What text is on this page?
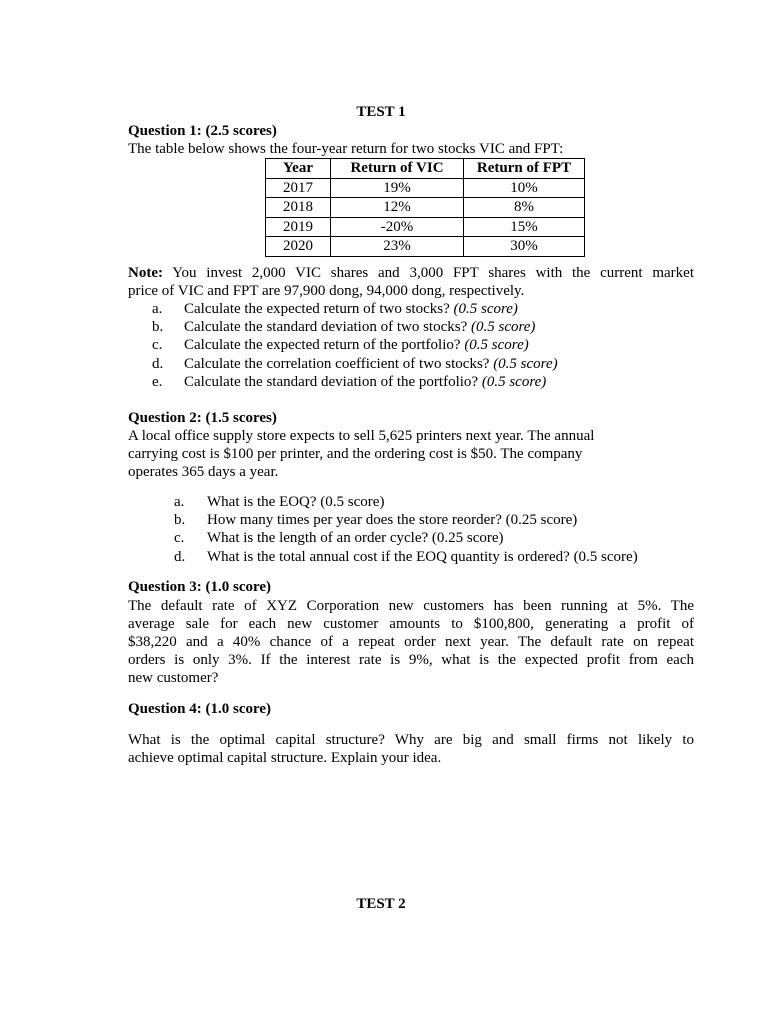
TEST 1
Question 1: (2.5 scores)
The table below shows the four-year return for two stocks VIC and FPT:
Year	Return of VIC	Return of FPT
2017	19%	10%
2018	12%	8%
2019	-20%	15%
2020	23%	30%
Note: You invest 2,000 VIC shares and 3,000 FPT shares with the current market
price of VIC and FPT are 97,900 dong, 94,000 dong, respectively.
a. Calculate the expected return of two stocks? (0.5 score)
b. Calculate the standard deviation of two stocks? (0.5 score)
c. Calculate the expected return of the portfolio? (0.5 score)
d. Calculate the correlation coefficient of two stocks? (0.5 score)
e. Calculate the standard deviation of the portfolio? (0.5 score)
Question 2: (1.5 scores)
A local office supply store expects to sell 5,625 printers next year. The annual
carrying cost is $100 per printer, and the ordering cost is $50. The company
operates 365 days a year.
a. What is the EOQ? (0.5 score)
b. How many times per year does the store reorder? (0.25 score)
c. What is the length of an order cycle? (0.25 score)
d. What is the total annual cost if the EOQ quantity is ordered? (0.5 score)
Question 3: (1.0 score)
The default rate of XYZ Corporation new customers has been running at 5%. The
average sale for each new customer amounts to $100,800, generating a profit of
$38,220 and a 40% chance of a repeat order next year. The default rate on repeat
orders is only 3%. If the interest rate is 9%, what is the expected profit from each
new customer?
Question 4: (1.0 score)
What is the optimal capital structure? Why are big and small firms not likely to
achieve optimal capital structure. Explain your idea.
TEST 2
